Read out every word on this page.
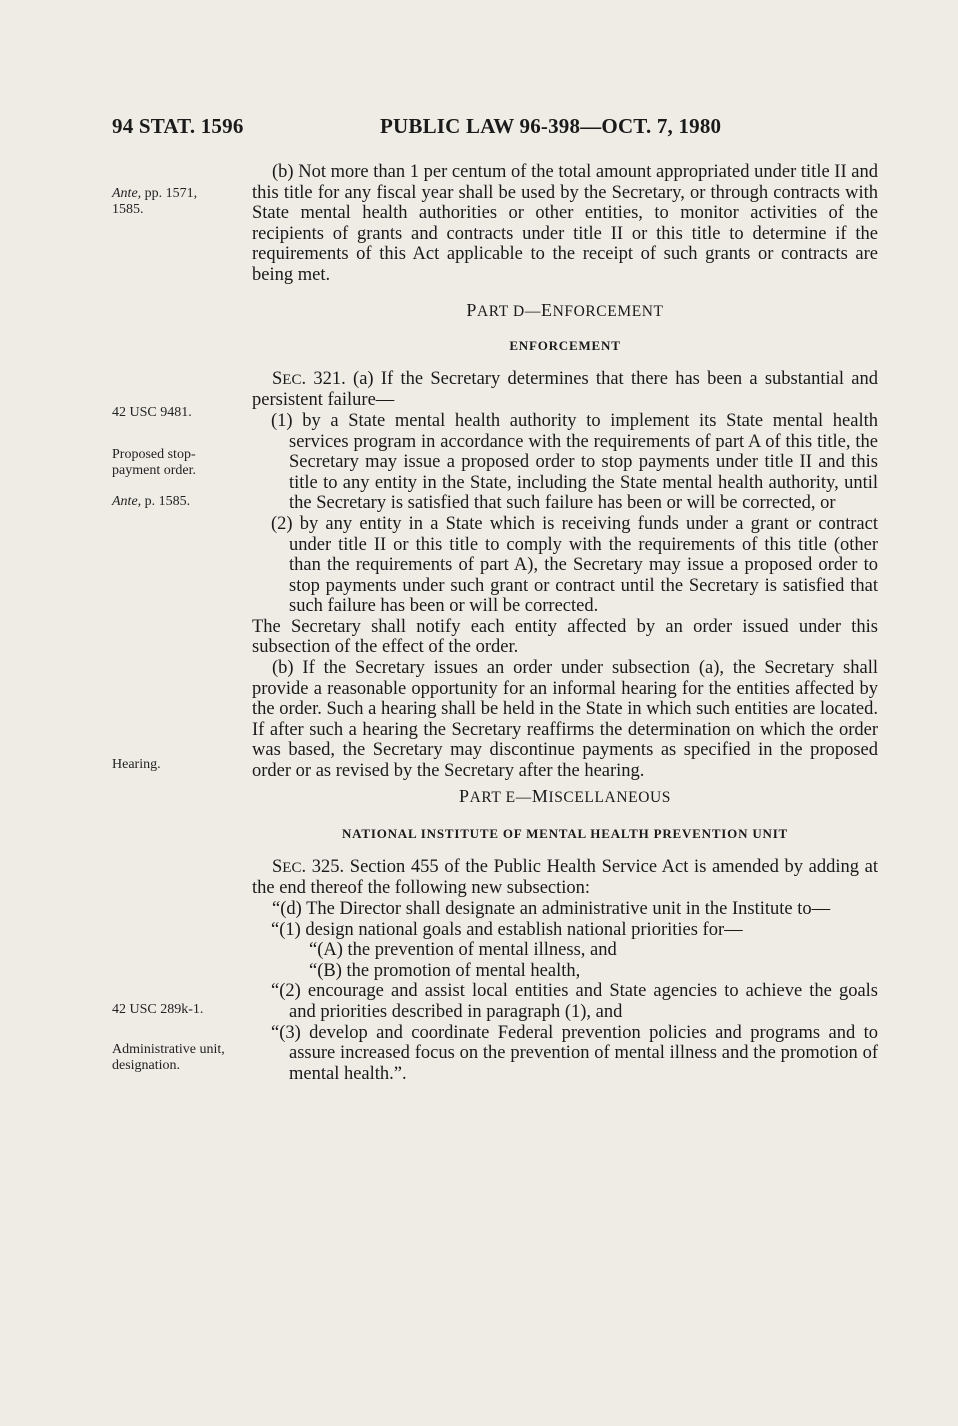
94 STAT. 1596	PUBLIC LAW 96-398—OCT. 7, 1980
Ante, pp. 1571, 1585.
42 USC 9481.
Proposed stop-payment order.
Ante, p. 1585.
Hearing.
42 USC 289k-1.
Administrative unit, designation.

(b) Not more than 1 per centum of the total amount appropriated under title II and this title for any fiscal year shall be used by the Secretary, or through contracts with State mental health authorities or other entities, to monitor activities of the recipients of grants and contracts under title II or this title to determine if the requirements of this Act applicable to the receipt of such grants or contracts are being met.

PART D—ENFORCEMENT

ENFORCEMENT

SEC. 321. (a) If the Secretary determines that there has been a substantial and persistent failure—

(1) by a State mental health authority to implement its State mental health services program in accordance with the requirements of part A of this title, the Secretary may issue a proposed order to stop payments under title II and this title to any entity in the State, including the State mental health authority, until the Secretary is satisfied that such failure has been or will be corrected, or

(2) by any entity in a State which is receiving funds under a grant or contract under title II or this title to comply with the requirements of this title (other than the requirements of part A), the Secretary may issue a proposed order to stop payments under such grant or contract until the Secretary is satisfied that such failure has been or will be corrected.

The Secretary shall notify each entity affected by an order issued under this subsection of the effect of the order.

(b) If the Secretary issues an order under subsection (a), the Secretary shall provide a reasonable opportunity for an informal hearing for the entities affected by the order. Such a hearing shall be held in the State in which such entities are located. If after such a hearing the Secretary reaffirms the determination on which the order was based, the Secretary may discontinue payments as specified in the proposed order or as revised by the Secretary after the hearing.

PART E—MISCELLANEOUS

NATIONAL INSTITUTE OF MENTAL HEALTH PREVENTION UNIT

SEC. 325. Section 455 of the Public Health Service Act is amended by adding at the end thereof the following new subsection:

“(d) The Director shall designate an administrative unit in the Institute to—

“(1) design national goals and establish national priorities for—

“(A) the prevention of mental illness, and

“(B) the promotion of mental health,

“(2) encourage and assist local entities and State agencies to achieve the goals and priorities described in paragraph (1), and

“(3) develop and coordinate Federal prevention policies and programs and to assure increased focus on the prevention of mental illness and the promotion of mental health.”.
